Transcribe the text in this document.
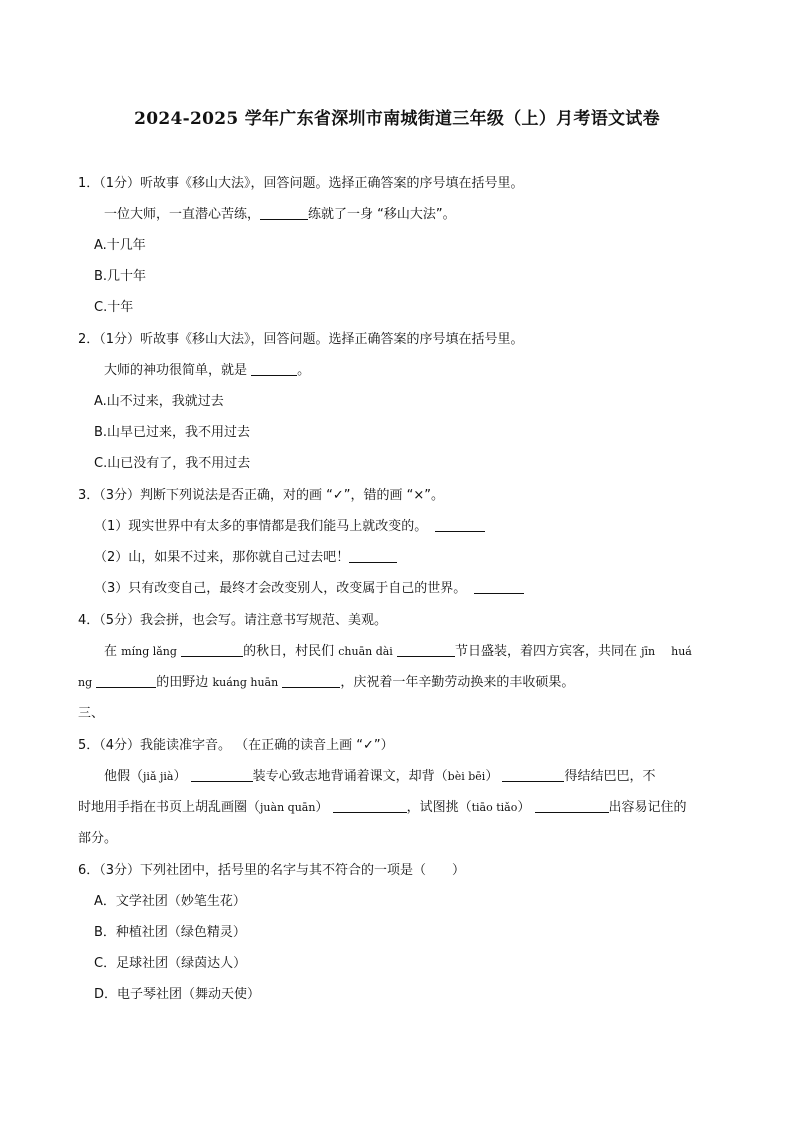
2024-2025 学年广东省深圳市南城街道三年级（上）月考语文试卷
1．（1分）听故事《移山大法》，回答问题。选择正确答案的序号填在括号里。
一位大师，一直潜心苦练，	练就了一身 “移山大法”。
A.十几年
B.几十年
C.十年
2．（1分）听故事《移山大法》，回答问题。选择正确答案的序号填在括号里。
大师的神功很简单，就是	。
A.山不过来，我就过去
B.山早已过来，我不用过去
C.山已没有了，我不用过去
3．（3分）判断下列说法是否正确，对的画 “✓”，错的画 “×”。
（1）现实世界中有太多的事情都是我们能马上就改变的。
（2）山，如果不过来，那你就自己过去吧！
（3）只有改变自己，最终才会改变别人，改变属于自己的世界。
4．（5分）我会拼，也会写。请注意书写规范、美观。
在 míng lǎng	的秋日，村民们 chuān dài	节日盛装，着四方宾客，共同在 jīn huá
ng	的田野边 kuáng huān	，庆祝着一年辛勤劳动换来的丰收硕果。
三、
5．（4分）我能读准字音。 （在正确的读音上画 “✓”）
他假（jiǎ jià）	装专心致志地背诵着课文，却背（bèi bēi）	得结结巴巴，不
时地用手指在书页上胡乱画圈（juàn quān）	，试图挑（tiāo tiǎo）	出容易记住的
部分。
6．（3分）下列社团中，括号里的名字与其不符合的一项是（　　）
A．文学社团（妙笔生花）
B．种植社团（绿色精灵）
C．足球社团（绿茵达人）
D．电子琴社团（舞动天使）
